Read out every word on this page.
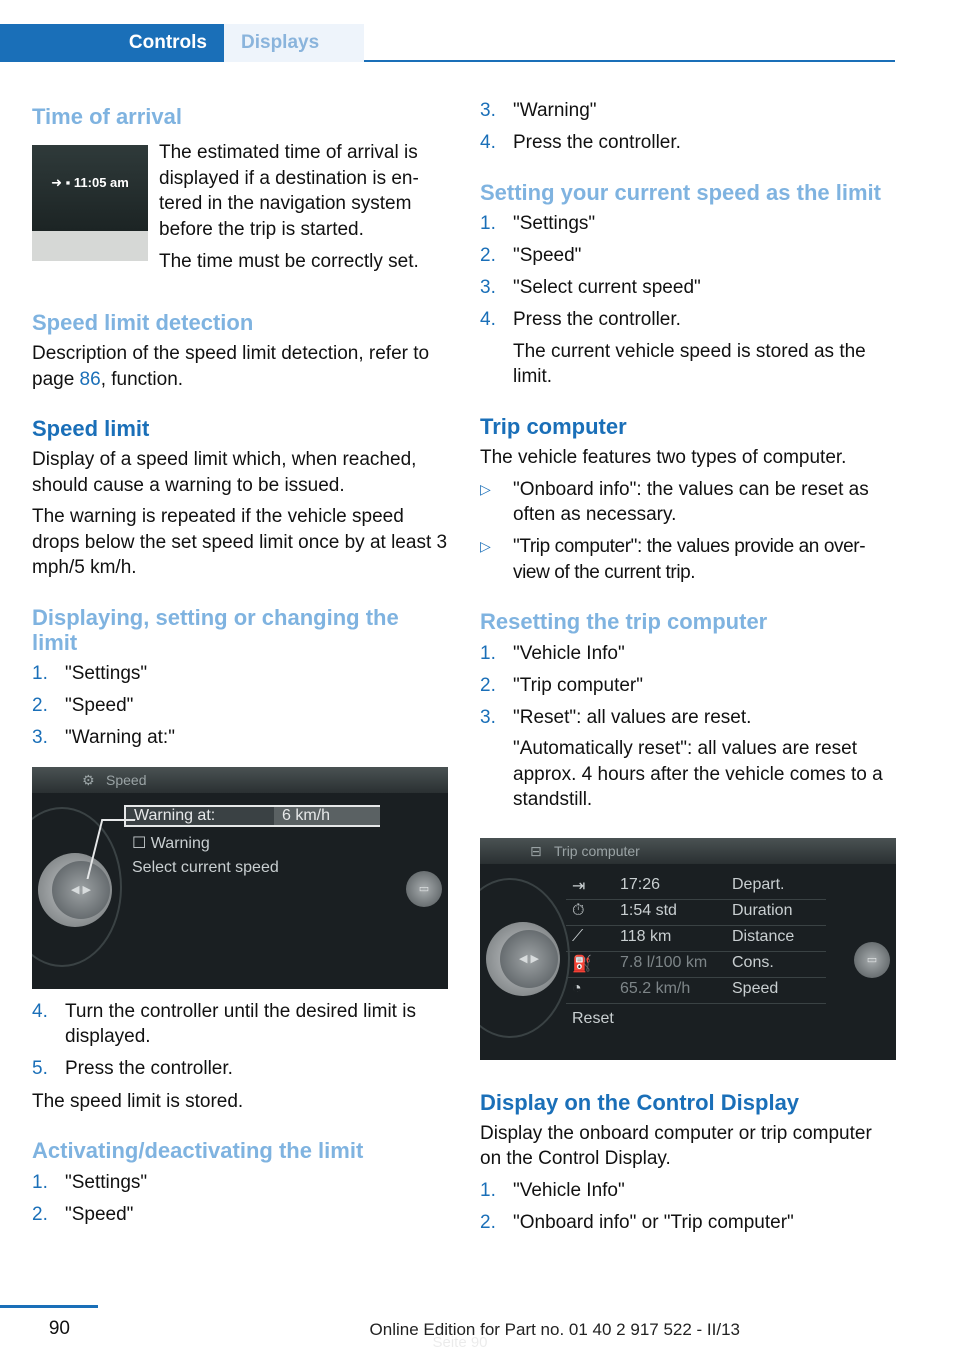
Controls	Displays
Time of arrival
➜ ▪ 11:05 am
The estimated time of arrival is displayed if a destination is en-tered in the navigation system before the trip is started.
The time must be correctly set.
Speed limit detection
Description of the speed limit detection, refer to page 86, function.
Speed limit
Display of a speed limit which, when reached, should cause a warning to be issued.
The warning is repeated if the vehicle speed drops below the set speed limit once by at least 3 mph/5 km/h.
Displaying, setting or changing the limit
1. "Settings"
2. "Speed"
3. "Warning at:"
⚙ Speed
◀ ▶	▭
Warning at:	6 km/h
☐ Warning
Select current speed
4. Turn the controller until the desired limit is displayed.
5. Press the controller.
The speed limit is stored.
Activating/deactivating the limit
1. "Settings"
2. "Speed"
3. "Warning"
4. Press the controller.
Setting your current speed as the limit
1. "Settings"
2. "Speed"
3. "Select current speed"
4. Press the controller.
The current vehicle speed is stored as the limit.
Trip computer
The vehicle features two types of computer.
▷ "Onboard info": the values can be reset as often as necessary.
▷ "Trip computer": the values provide an over-view of the current trip.
Resetting the trip computer
1. "Vehicle Info"
2. "Trip computer"
3. "Reset": all values are reset.
"Automatically reset": all values are reset approx. 4 hours after the vehicle comes to a standstill.
⊟ Trip computer
◀ ▶	▭
⇥ 17:26	Depart.
⏱ 1:54 std	Duration
⟋ 118 km	Distance
⛽ 7.8 l/100 km Cons.
◔ 65.2 km/h	Speed
Reset
Display on the Control Display
Display the onboard computer or trip computer on the Control Display.
1. "Vehicle Info"
2. "Onboard info" or "Trip computer"
90	Online Edition for Part no. 01 40 2 917 522 - II/13
Seite 90
